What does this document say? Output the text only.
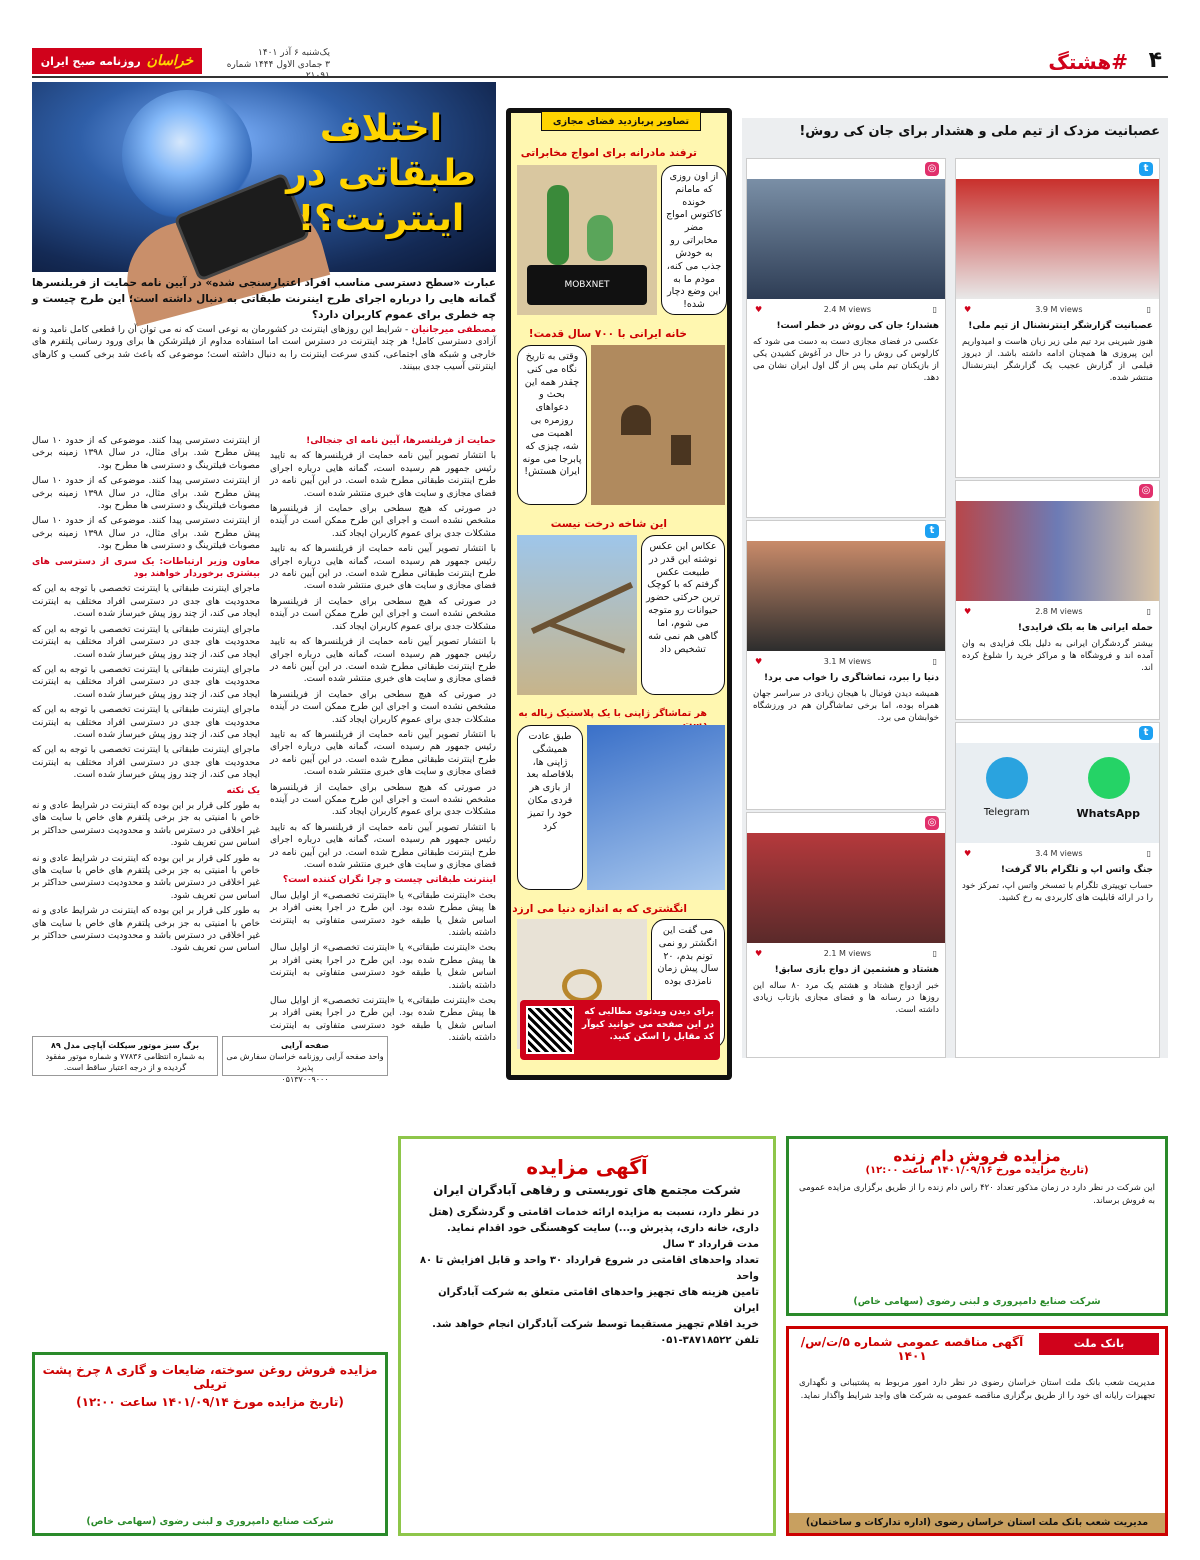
۴
#هشتگ
یک‌شنبه ۶ آذر ۱۴۰۱
۳ جمادی الاول ۱۴۴۴ شماره ۲۱۰۹۱
خراسان
روزنامه صبح ایران
اختلاف طبقاتی در اینترنت؟!
عبارت «سطح دسترسی مناسب افراد اعتبارسنجی شده» در آیین نامه حمایت از فریلنسرها گمانه هایی را درباره اجرای طرح اینترنت طبقاتی به دنبال داشته است؛ این طرح چیست و چه خطری برای عموم کاربران دارد؟

مصطفی میرجانیان - شرایط این روزهای اینترنت در کشورمان به نوعی است که نه می توان آن را قطعی کامل نامید و نه آزادی دسترسی کامل! هر چند اینترنت در دسترس است اما استفاده مداوم از فیلترشکن ها برای ورود رسانی پلتفرم های خارجی و شبکه های اجتماعی، کندی سرعت اینترنت را به دنبال داشته است؛ موضوعی که باعث شد برخی کسب و کارهای اینترنتی آسیب جدی ببینند.

حمایت از فریلنسرها، آیین نامه ای جنجالی!

با انتشار تصویر آیین نامه حمایت از فریلنسرها که به تایید رئیس جمهور هم رسیده است، گمانه هایی درباره اجرای طرح اینترنت طبقاتی مطرح شده است. در این آیین نامه در فضای مجازی و سایت های خبری منتشر شده است.

در صورتی که هیچ سطحی برای حمایت از فریلنسرها مشخص نشده است و اجرای این طرح ممکن است در آینده مشکلات جدی برای عموم کاربران ایجاد کند.

با انتشار تصویر آیین نامه حمایت از فریلنسرها که به تایید رئیس جمهور هم رسیده است، گمانه هایی درباره اجرای طرح اینترنت طبقاتی مطرح شده است. در این آیین نامه در فضای مجازی و سایت های خبری منتشر شده است.

در صورتی که هیچ سطحی برای حمایت از فریلنسرها مشخص نشده است و اجرای این طرح ممکن است در آینده مشکلات جدی برای عموم کاربران ایجاد کند.

با انتشار تصویر آیین نامه حمایت از فریلنسرها که به تایید رئیس جمهور هم رسیده است، گمانه هایی درباره اجرای طرح اینترنت طبقاتی مطرح شده است. در این آیین نامه در فضای مجازی و سایت های خبری منتشر شده است.

در صورتی که هیچ سطحی برای حمایت از فریلنسرها مشخص نشده است و اجرای این طرح ممکن است در آینده مشکلات جدی برای عموم کاربران ایجاد کند.

با انتشار تصویر آیین نامه حمایت از فریلنسرها که به تایید رئیس جمهور هم رسیده است، گمانه هایی درباره اجرای طرح اینترنت طبقاتی مطرح شده است. در این آیین نامه در فضای مجازی و سایت های خبری منتشر شده است.

در صورتی که هیچ سطحی برای حمایت از فریلنسرها مشخص نشده است و اجرای این طرح ممکن است در آینده مشکلات جدی برای عموم کاربران ایجاد کند.

با انتشار تصویر آیین نامه حمایت از فریلنسرها که به تایید رئیس جمهور هم رسیده است، گمانه هایی درباره اجرای طرح اینترنت طبقاتی مطرح شده است. در این آیین نامه در فضای مجازی و سایت های خبری منتشر شده است.

اینترنت طبقاتی چیست و چرا نگران کننده است؟

بحث «اینترنت طبقاتی» یا «اینترنت تخصصی» از اوایل سال ها پیش مطرح شده بود. این طرح در اجرا یعنی افراد بر اساس شغل یا طبقه خود دسترسی متفاوتی به اینترنت داشته باشند.

بحث «اینترنت طبقاتی» یا «اینترنت تخصصی» از اوایل سال ها پیش مطرح شده بود. این طرح در اجرا یعنی افراد بر اساس شغل یا طبقه خود دسترسی متفاوتی به اینترنت داشته باشند.

بحث «اینترنت طبقاتی» یا «اینترنت تخصصی» از اوایل سال ها پیش مطرح شده بود. این طرح در اجرا یعنی افراد بر اساس شغل یا طبقه خود دسترسی متفاوتی به اینترنت داشته باشند.

از اینترنت دسترسی پیدا کنند. موضوعی که از حدود ۱۰ سال پیش مطرح شد. برای مثال، در سال ۱۳۹۸ زمینه برخی مصوبات فیلترینگ و دسترسی ها مطرح بود.

از اینترنت دسترسی پیدا کنند. موضوعی که از حدود ۱۰ سال پیش مطرح شد. برای مثال، در سال ۱۳۹۸ زمینه برخی مصوبات فیلترینگ و دسترسی ها مطرح بود.

از اینترنت دسترسی پیدا کنند. موضوعی که از حدود ۱۰ سال پیش مطرح شد. برای مثال، در سال ۱۳۹۸ زمینه برخی مصوبات فیلترینگ و دسترسی ها مطرح بود.

معاون وزیر ارتباطات: یک سری از دسترسی های بیشتری برخوردار خواهند بود

ماجرای اینترنت طبقاتی یا اینترنت تخصصی با توجه به این که محدودیت های جدی در دسترسی افراد مختلف به اینترنت ایجاد می کند، از چند روز پیش خبرساز شده است.

ماجرای اینترنت طبقاتی یا اینترنت تخصصی با توجه به این که محدودیت های جدی در دسترسی افراد مختلف به اینترنت ایجاد می کند، از چند روز پیش خبرساز شده است.

ماجرای اینترنت طبقاتی یا اینترنت تخصصی با توجه به این که محدودیت های جدی در دسترسی افراد مختلف به اینترنت ایجاد می کند، از چند روز پیش خبرساز شده است.

ماجرای اینترنت طبقاتی یا اینترنت تخصصی با توجه به این که محدودیت های جدی در دسترسی افراد مختلف به اینترنت ایجاد می کند، از چند روز پیش خبرساز شده است.

ماجرای اینترنت طبقاتی یا اینترنت تخصصی با توجه به این که محدودیت های جدی در دسترسی افراد مختلف به اینترنت ایجاد می کند، از چند روز پیش خبرساز شده است.

یک نکته

به طور کلی قرار بر این بوده که اینترنت در شرایط عادی و نه خاص با امنیتی به جز برخی پلتفرم های خاص با سایت های غیر اخلاقی در دسترس باشد و محدودیت دسترسی حداکثر بر اساس سن تعریف شود.

به طور کلی قرار بر این بوده که اینترنت در شرایط عادی و نه خاص با امنیتی به جز برخی پلتفرم های خاص با سایت های غیر اخلاقی در دسترس باشد و محدودیت دسترسی حداکثر بر اساس سن تعریف شود.

به طور کلی قرار بر این بوده که اینترنت در شرایط عادی و نه خاص با امنیتی به جز برخی پلتفرم های خاص با سایت های غیر اخلاقی در دسترس باشد و محدودیت دسترسی حداکثر بر اساس سن تعریف شود.

تصاویر پربازدید فضای مجازی
ترفند مادرانه برای امواج مخابراتی
MOBXNET
از اون روزی که مامانم خونده کاکتوس امواج مضر مخابراتی رو به خودش جذب می کنه، مودم ما به این وضع دچار شده!
خانه ایرانی با ۷۰۰ سال قدمت!
وقتی به تاریخ نگاه می کنی چقدر همه این بحث و دعواهای روزمره بی اهمیت می شه، چیزی که پابرجا می مونه ایران هستش!
این شاخه درخت نیست
عکاس این عکس نوشته این قدر در طبیعت عکس گرفتم که با کوچک ترین حرکتی حضور حیوانات رو متوجه می شوم، اما گاهی هم نمی شه تشخیص داد
هر تماشاگر ژاپنی با یک پلاستیک زباله به
طبق عادت همیشگی ژاپنی ها، بلافاصله بعد از بازی هر فردی مکان خود را تمیز کرد
انگشتری که به اندازه دنیا می ارزد
می گفت این انگشتر رو نمی تونم بدم، ۲۰ سال پیش زمان نامزدی بوده
برای دیدن ویدئوی مطالبی که در این صفحه می خوانید کیوآر کد مقابل را اسکن کنید.
عصبانیت مزدک از تیم ملی و هشدار برای جان کی روش!
t
♥	3.9 M views	▯
عصبانیت گزارشگر اینترنشنال از تیم ملی!
هنوز شیرینی برد تیم ملی زیر زبان هاست و امیدواریم این پیروزی ها همچنان ادامه داشته باشد. از دیروز فیلمی از گزارش عجیب یک گزارشگر اینترنشنال منتشر شده.
◎
♥	2.4 M views	▯
هشدار؛ جان کی روش در خطر است!
عکسی در فضای مجازی دست به دست می شود که کارلوس کی روش را در حال در آغوش کشیدن یکی از بازیکنان تیم ملی پس از گل اول ایران نشان می دهد.
◎
♥	2.8 M views	▯
حمله ایرانی ها به بلک فرایدی!
بیشتر گردشگران ایرانی به دلیل بلک فرایدی به وان آمده اند و فروشگاه ها و مراکز خرید را شلوغ کرده اند.
t
♥	3.1 M views	▯
دنیا را ببرد، تماشاگری را خواب می برد!
همیشه دیدن فوتبال با هیجان زیادی در سراسر جهان همراه بوده، اما برخی تماشاگران هم در ورزشگاه خوابشان می برد.
t
WhatsApp
Telegram
♥	3.4 M views	▯
جنگ واتس اپ و تلگرام بالا گرفت!
حساب توییتری تلگرام با تمسخر واتس اپ، تمرکز خود را در ارائه قابلیت های کاربردی به رخ کشید.
◎
♥	2.1 M views	▯
هشتاد و هشتمین از دواج بازی سابق!
خبر ازدواج هشتاد و هشتم یک مرد ۸۰ ساله این روزها در رسانه ها و فضای مجازی بازتاب زیادی داشته است.
آگهی مزایده
شرکت مجتمع های توریستی و رفاهی آبادگران ایران

در نظر دارد، نسبت به مزایده ارائه خدمات اقامتی و گردشگری (هتل داری، خانه داری، پذیرش و...) سایت کوهسنگی خود اقدام نماید.

مدت قرارداد ۳ سال

تعداد واحدهای اقامتی در شروع قرارداد ۳۰ واحد و قابل افزایش تا ۸۰ واحد

تامین هزینه های تجهیز واحدهای اقامتی متعلق به شرکت آبادگران ایران

خرید اقلام تجهیز مستقیما توسط شرکت آبادگران انجام خواهد شد.

تلفن ۳۸۷۱۸۵۲۲-۰۵۱

مزایده فروش دام زنده
(تاریخ مزایده مورخ ۱۴۰۱/۰۹/۱۶ ساعت ۱۲:۰۰)
این شرکت در نظر دارد در زمان مذکور تعداد ۴۲۰ راس دام زنده را از طریق برگزاری مزایده عمومی به فروش برساند.
شرکت صنایع دامپروری و لبنی رضوی (سهامی خاص)
بانک ملت
آگهی مناقصه عمومی شماره ۵/ت/س/۱۴۰۱
مدیریت شعب بانک ملت استان خراسان رضوی در نظر دارد امور مربوط به پشتیبانی و نگهداری تجهیزات رایانه ای خود را از طریق برگزاری مناقصه عمومی به شرکت های واجد شرایط واگذار نماید.
مدیریت شعب بانک ملت استان خراسان رضوی (اداره تدارکات و ساختمان)
مزایده فروش روغن سوخته، ضایعات و گاری ۸ چرخ پشت تریلی
(تاریخ مزایده مورخ ۱۴۰۱/۰۹/۱۴ ساعت ۱۲:۰۰)
شرکت صنایع دامپروری و لبنی رضوی (سهامی خاص)
برگ سبز موتور سیکلت آپاچی مدل ۸۹
به شماره انتظامی ۷۷۸۳۶ و شماره موتور مفقود گردیده و از درجه اعتبار ساقط است.
صفحه آرایی
واحد صفحه آرایی روزنامه خراسان سفارش می پذیرد
۰۵۱۳۷۰۰۹۰۰۰
